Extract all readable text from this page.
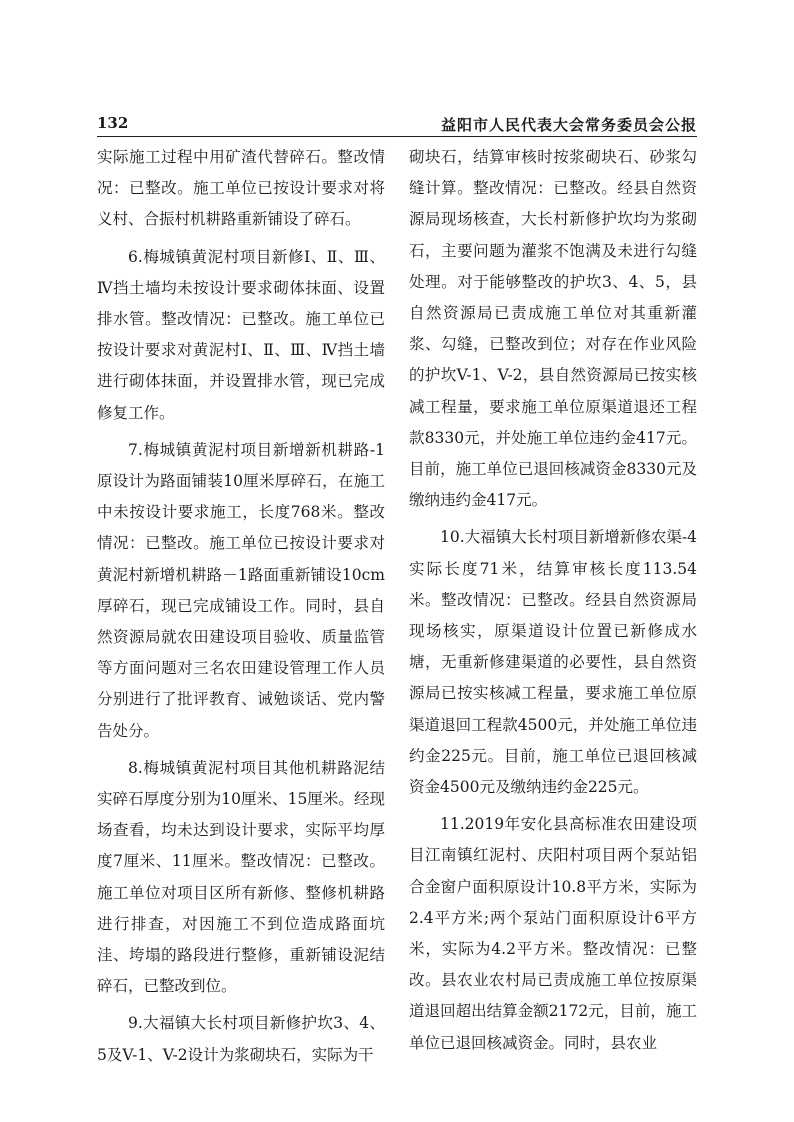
132	益阳市人民代表大会常务委员会公报

实际施工过程中用矿渣代替碎石。整改情况：已整改。施工单位已按设计要求对将义村、合振村机耕路重新铺设了碎石。

6.梅城镇黄泥村项目新修Ⅰ、Ⅱ、Ⅲ、Ⅳ挡土墙均未按设计要求砌体抹面、设置排水管。整改情况：已整改。施工单位已按设计要求对黄泥村Ⅰ、Ⅱ、Ⅲ、Ⅳ挡土墙进行砌体抹面，并设置排水管，现已完成修复工作。

7.梅城镇黄泥村项目新增新机耕路-1原设计为路面铺装10厘米厚碎石，在施工中未按设计要求施工，长度768米。整改情况：已整改。施工单位已按设计要求对黄泥村新增机耕路－1路面重新铺设10cm厚碎石，现已完成铺设工作。同时，县自然资源局就农田建设项目验收、质量监管等方面问题对三名农田建设管理工作人员分别进行了批评教育、诫勉谈话、党内警告处分。

8.梅城镇黄泥村项目其他机耕路泥结实碎石厚度分别为10厘米、15厘米。经现场查看，均未达到设计要求，实际平均厚度7厘米、11厘米。整改情况：已整改。施工单位对项目区所有新修、整修机耕路进行排查，对因施工不到位造成路面坑洼、垮塌的路段进行整修，重新铺设泥结碎石，已整改到位。

9.大福镇大长村项目新修护坎3、4、5及V-1、V-2设计为浆砌块石，实际为干

砌块石，结算审核时按浆砌块石、砂浆勾缝计算。整改情况：已整改。经县自然资源局现场核查，大长村新修护坎均为浆砌石，主要问题为灌浆不饱满及未进行勾缝处理。对于能够整改的护坎3、4、5，县自然资源局已责成施工单位对其重新灌浆、勾缝，已整改到位；对存在作业风险的护坎V-1、V-2，县自然资源局已按实核减工程量，要求施工单位原渠道退还工程款8330元，并处施工单位违约金417元。目前，施工单位已退回核减资金8330元及缴纳违约金417元。

10.大福镇大长村项目新增新修农渠-4实际长度71米，结算审核长度113.54米。整改情况：已整改。经县自然资源局现场核实，原渠道设计位置已新修成水塘，无重新修建渠道的必要性，县自然资源局已按实核减工程量，要求施工单位原渠道退回工程款4500元，并处施工单位违约金225元。目前，施工单位已退回核减资金4500元及缴纳违约金225元。

11.2019年安化县高标准农田建设项目江南镇红泥村、庆阳村项目两个泵站铝合金窗户面积原设计10.8平方米，实际为2.4平方米;两个泵站门面积原设计6平方米，实际为4.2平方米。整改情况：已整改。县农业农村局已责成施工单位按原渠道退回超出结算金额2172元，目前，施工单位已退回核减资金。同时，县农业
